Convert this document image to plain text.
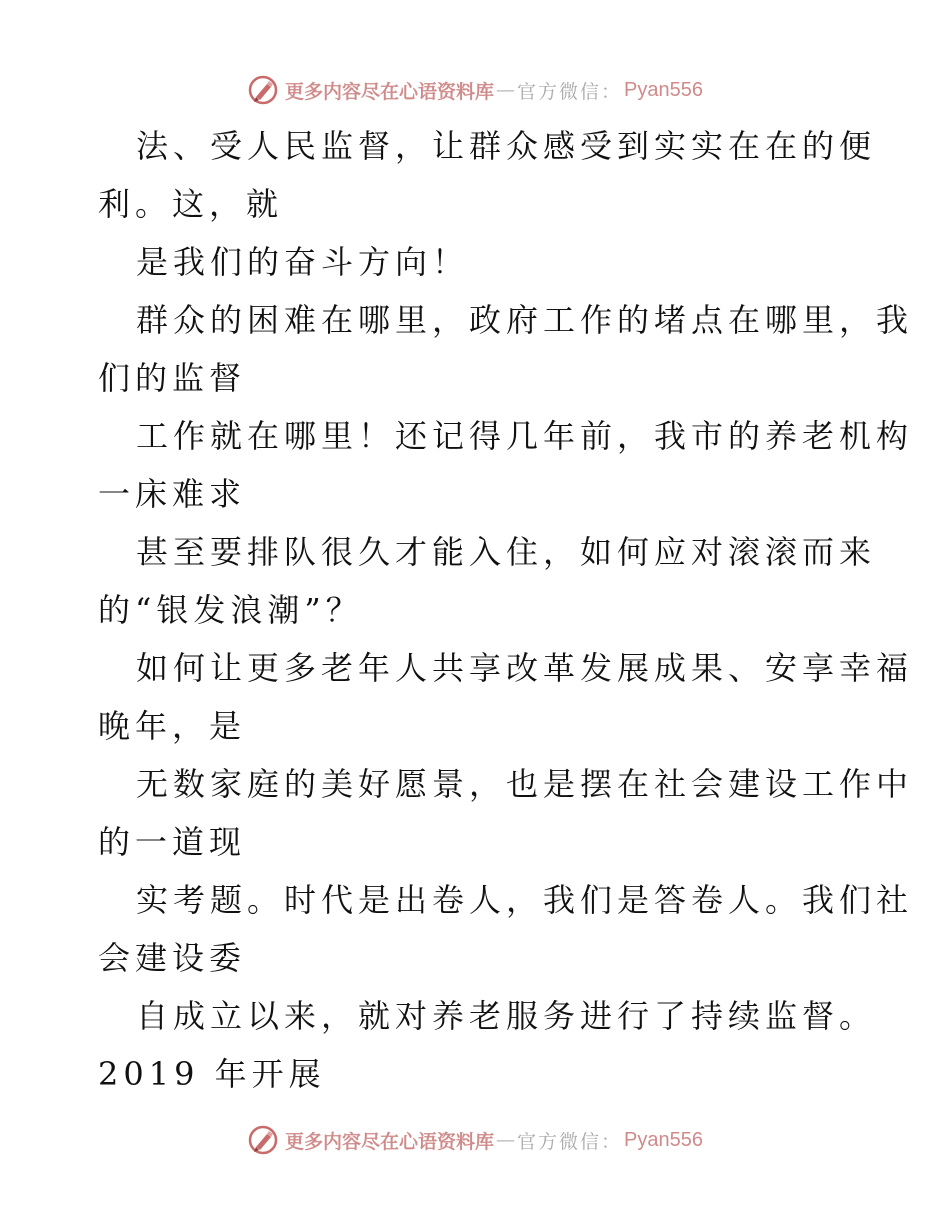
更多内容尽在心语资料库 — 官方微信： Pyan556
法、受人民监督，让群众感受到实实在在的便
利。这，就
是我们的奋斗方向！
群众的困难在哪里，政府工作的堵点在哪里，我
们的监督
工作就在哪里！还记得几年前，我市的养老机构
一床难求
甚至要排队很久才能入住，如何应对滚滚而来
的“银发浪潮”？
如何让更多老年人共享改革发展成果、安享幸福
晚年，是
无数家庭的美好愿景，也是摆在社会建设工作中
的一道现
实考题。时代是出卷人，我们是答卷人。我们社
会建设委
自成立以来，就对养老服务进行了持续监督。
2019 年开展
更多内容尽在心语资料库 — 官方微信： Pyan556
